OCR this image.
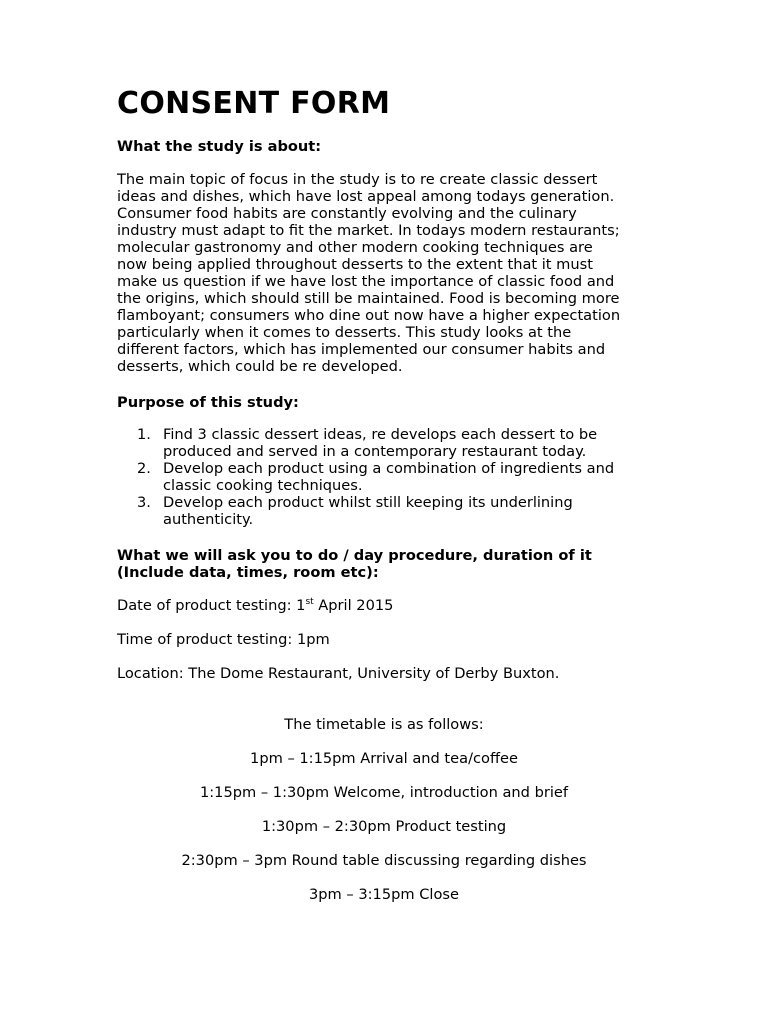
CONSENT FORM
What the study is about:
The main topic of focus in the study is to re create classic dessert
ideas and dishes, which have lost appeal among todays generation.
Consumer food habits are constantly evolving and the culinary
industry must adapt to fit the market. In todays modern restaurants;
molecular gastronomy and other modern cooking techniques are
now being applied throughout desserts to the extent that it must
make us question if we have lost the importance of classic food and
the origins, which should still be maintained. Food is becoming more
flamboyant; consumers who dine out now have a higher expectation
particularly when it comes to desserts. This study looks at the
different factors, which has implemented our consumer habits and
desserts, which could be re developed.
Purpose of this study:
1. Find 3 classic dessert ideas, re develops each dessert to be
produced and served in a contemporary restaurant today.
2. Develop each product using a combination of ingredients and
classic cooking techniques.
3. Develop each product whilst still keeping its underlining
authenticity.
What we will ask you to do / day procedure, duration of it
(Include data, times, room etc):
Date of product testing: 1st April 2015
Time of product testing: 1pm
Location: The Dome Restaurant, University of Derby Buxton.
The timetable is as follows:
1pm – 1:15pm Arrival and tea/coffee
1:15pm – 1:30pm Welcome, introduction and brief
1:30pm – 2:30pm Product testing
2:30pm – 3pm Round table discussing regarding dishes
3pm – 3:15pm Close
